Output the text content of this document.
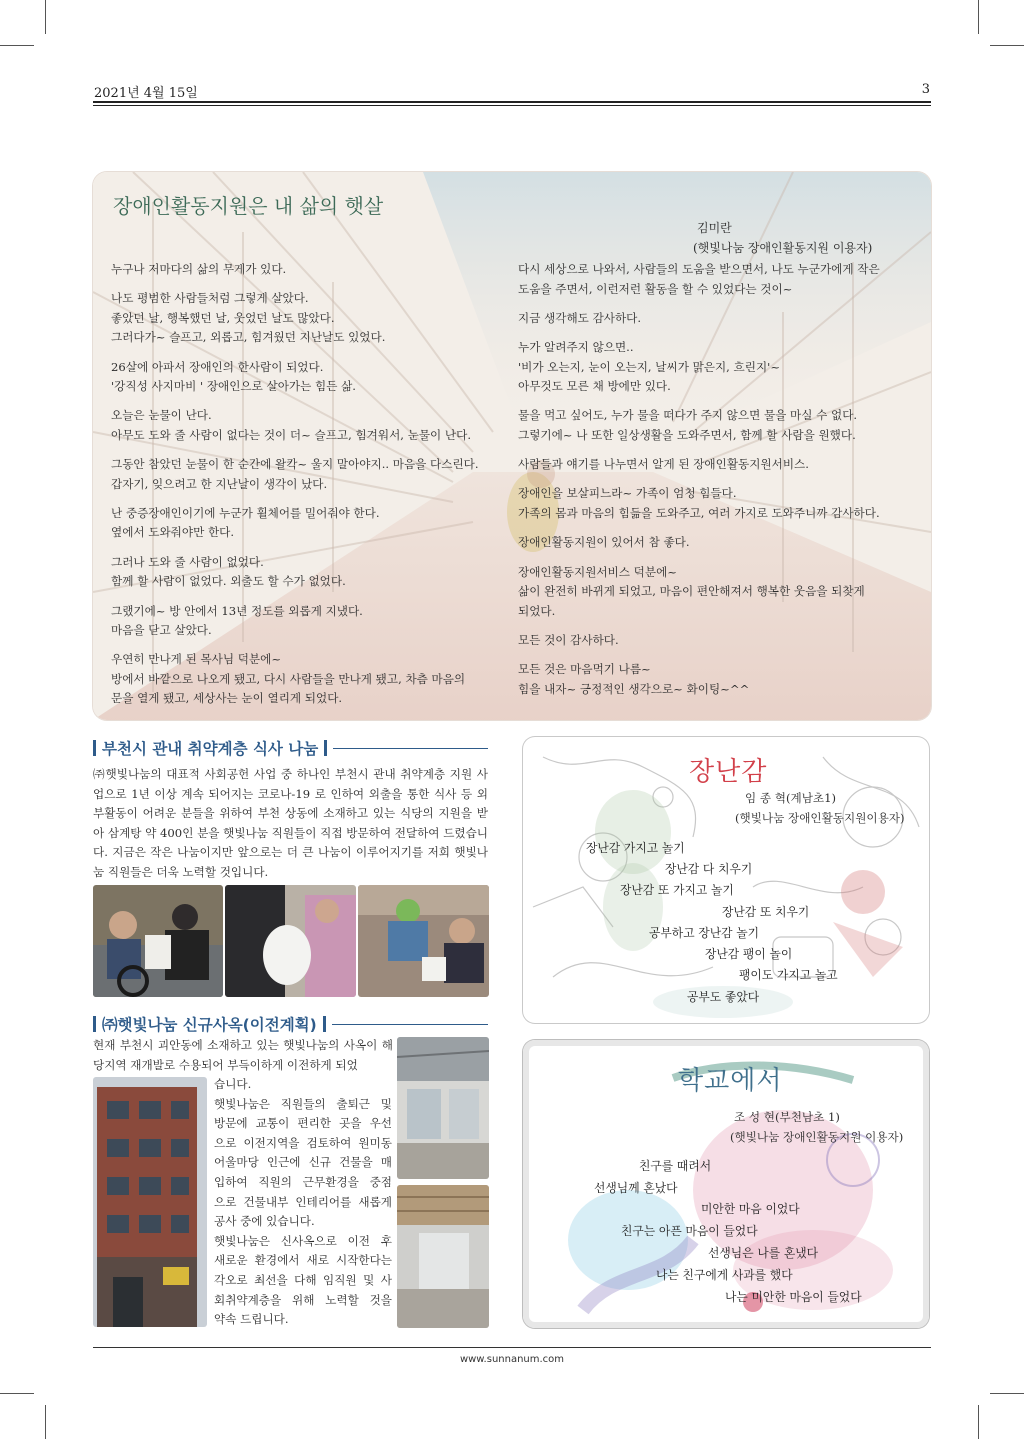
2021년 4월 15일	3
장애인활동지원은 내 삶의 햇살
김미란
(햇빛나눔 장애인활동지원 이용자)

누구나 저마다의 삶의 무게가 있다.

나도 평범한 사람들처럼 그렇게 살았다.
좋았던 날, 행복했던 날, 웃었던 날도 많았다.
그러다가~ 슬프고, 외롭고, 힘겨웠던 지난날도 있었다.

26살에 아파서 장애인의 한사람이 되었다.
'강직성 사지마비 ' 장애인으로 살아가는 힘든 삶.

오늘은 눈물이 난다.
아무도 도와 줄 사람이 없다는 것이 더~ 슬프고, 힘겨워서, 눈물이 난다.

그동안 참았던 눈물이 한 순간에 왈칵~ 울지 말아야지.. 마음을 다스린다.
갑자기, 잊으려고 한 지난날이 생각이 났다.

난 중증장애인이기에 누군가 휠체어를 밀어줘야 한다.
옆에서 도와줘야만 한다.

그러나 도와 줄 사람이 없었다.
함께 할 사람이 없었다. 외출도 할 수가 없었다.

그랬기에~ 방 안에서 13년 정도를 외롭게 지냈다.
마음을 닫고 살았다.

우연히 만나게 된 목사님 덕분에~
방에서 바깥으로 나오게 됐고, 다시 사람들을 만나게 됐고, 차츰 마음의
문을 열게 됐고, 세상사는 눈이 열리게 되었다.

다시 세상으로 나와서, 사람들의 도움을 받으면서, 나도 누군가에게 작은
도움을 주면서, 이런저런 활동을 할 수 있었다는 것이~

지금 생각해도 감사하다.

누가 알려주지 않으면..
'비가 오는지, 눈이 오는지, 날씨가 맑은지, 흐린지'~
아무것도 모른 채 방에만 있다.

물을 먹고 싶어도, 누가 물을 떠다가 주지 않으면 물을 마실 수 없다.
그렇기에~ 나 또한 일상생활을 도와주면서, 함께 할 사람을 원했다.

사람들과 얘기를 나누면서 알게 된 장애인활동지원서비스.

장애인을 보살피느라~ 가족이 엄청 힘들다.
가족의 몸과 마음의 힘듦을 도와주고, 여러 가지로 도와주니까 감사하다.

장애인활동지원이 있어서 참 좋다.

장애인활동지원서비스 덕분에~
삶이 완전히 바뀌게 되었고, 마음이 편안해져서 행복한 웃음을 되찾게
되었다.

모든 것이 감사하다.

모든 것은 마음먹기 나름~
힘을 내자~ 긍정적인 생각으로~ 화이팅~^^

부천시 관내 취약계층 식사 나눔

㈜햇빛나눔의 대표적 사회공헌 사업 중 하나인 부천시 관내 취약계층 지원 사업으로 1년 이상 계속 되어지는 코로나-19 로 인하여 외출을 통한 식사 등 외부활동이 어려운 분들을 위하여 부천 상동에 소재하고 있는 식당의 지원을 받아 삼계탕 약 400인 분을 햇빛나눔 직원들이 직접 방문하여 전달하여 드렸습니다. 지금은 작은 나눔이지만 앞으로는 더 큰 나눔이 이루어지기를 저희 햇빛나눔 직원들은 더욱 노력할 것입니다.

㈜햇빛나눔 신규사옥(이전계획)

현재 부천시 괴안동에 소재하고 있는 햇빛나눔의 사옥이 해당지역 재개발로 수용되어 부득이하게 이전하게 되었

습니다.
햇빛나눔은 직원들의 출퇴근 및
방문에 교통이 편리한 곳을 우선
으로 이전지역을 검토하여 원미동
어울마당 인근에 신규 건물을 매
입하여 직원의 근무환경을 중점
으로 건물내부 인테리어를 새롭게
공사 중에 있습니다.
햇빛나눔은 신사옥으로 이전 후
새로운 환경에서 새로 시작한다는
각오로 최선을 다해 임직원 및 사
회취약계층을 위해 노력할 것을
약속 드립니다.
장난감
임 종 혁(계남초1)
(햇빛나눔 장애인활동지원이용자)
장난감 가지고 놀기
장난감 다 치우기
장난감 또 가지고 놀기
장난감 또 치우기
공부하고 장난감 놀기
장난감 팽이 놀이
팽이도 가지고 놀고
공부도 좋았다
학교에서
조 성 현(부천남초 1)
(햇빛나눔 장애인활동지원 이용자)
친구를 때려서
선생님께 혼났다
미안한 마음 이었다
친구는 아픈 마음이 들었다
선생님은 나를 혼냈다
나는 친구에게 사과를 했다
나는 미안한 마음이 들었다
www.sunnanum.com
